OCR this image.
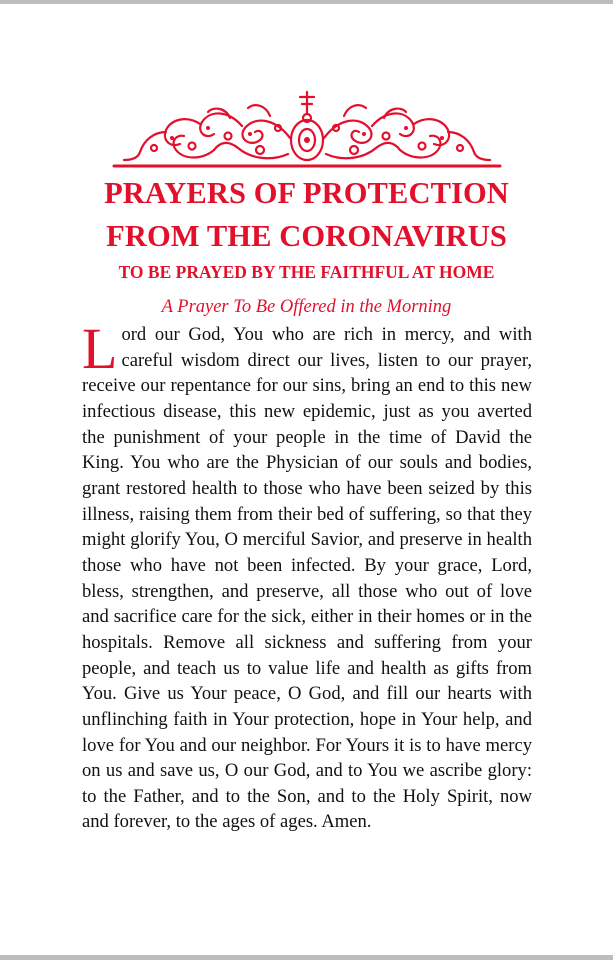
PRAYERS OF PROTECTION
FROM THE CORONAVIRUS
TO BE PRAYED BY THE FAITHFUL AT HOME
A Prayer To Be Offered in the Morning

Lord our God, You who are rich in mercy, and with careful wisdom direct our lives, listen to our prayer, receive our repentance for our sins, bring an end to this new infectious disease, this new epidemic, just as you averted the punishment of your people in the time of David the King. You who are the Physician of our souls and bodies, grant restored health to those who have been seized by this illness, raising them from their bed of suffering, so that they might glorify You, O merciful Savior, and preserve in health those who have not been infected. By your grace, Lord, bless, strengthen, and preserve, all those who out of love and sacrifice care for the sick, either in their homes or in the hospitals. Remove all sickness and suffering from your people, and teach us to value life and health as gifts from You. Give us Your peace, O God, and fill our hearts with unflinching faith in Your protection, hope in Your help, and love for You and our neighbor. For Yours it is to have mercy on us and save us, O our God, and to You we ascribe glory: to the Father, and to the Son, and to the Holy Spirit, now and forever, to the ages of ages. Amen.
